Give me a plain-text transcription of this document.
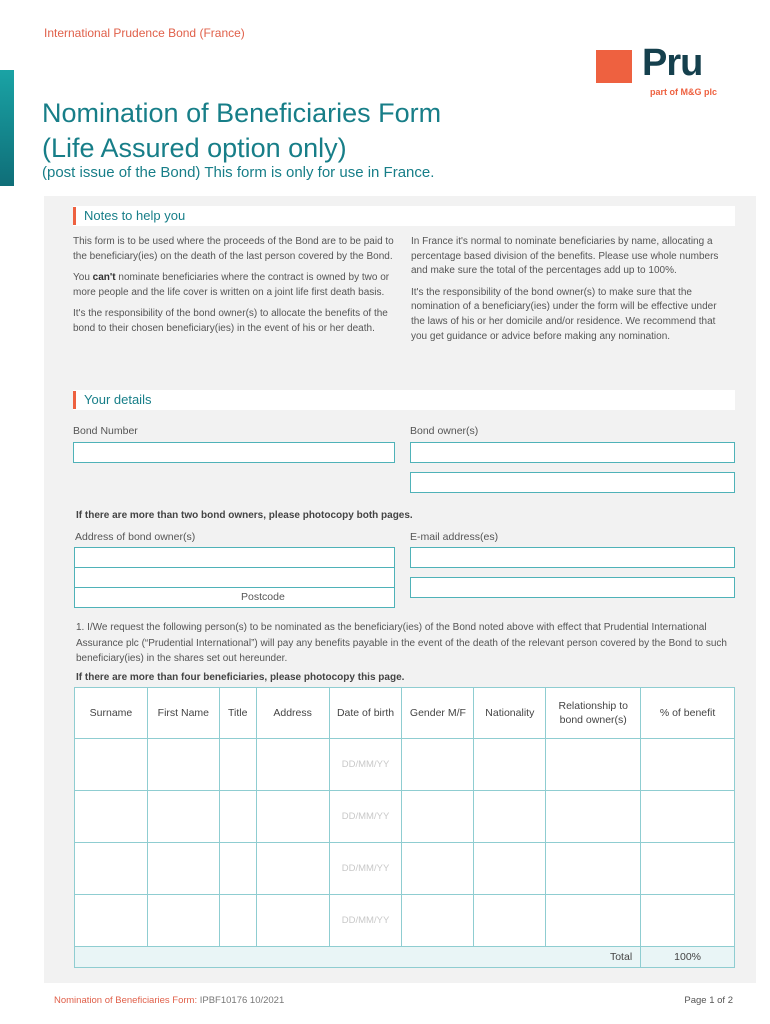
International Prudence Bond (France)
Pru
part of M&G plc
Nomination of Beneficiaries Form
(Life Assured option only)
(post issue of the Bond) This form is only for use in France.
Notes to help you

This form is to be used where the proceeds of the Bond are to be paid to the beneficiary(ies) on the death of the last person covered by the Bond.

You can't nominate beneficiaries where the contract is owned by two or more people and the life cover is written on a joint life first death basis.

It's the responsibility of the bond owner(s) to allocate the benefits of the bond to their chosen beneficiary(ies) in the event of his or her death.

In France it's normal to nominate beneficiaries by name, allocating a percentage based division of the benefits. Please use whole numbers and make sure the total of the percentages add up to 100%.

It's the responsibility of the bond owner(s) to make sure that the nomination of a beneficiary(ies) under the form will be effective under the laws of his or her domicile and/or residence. We recommend that you get guidance or advice before making any nomination.

Your details
Bond Number	Bond owner(s)
If there are more than two bond owners, please photocopy both pages.
Address of bond owner(s)	E-mail address(es)
Postcode
1. I/We request the following person(s) to be nominated as the beneficiary(ies) of the Bond noted above with effect that Prudential International Assurance plc (“Prudential International”) will pay any benefits payable in the event of the death of the relevant person covered by the Bond to such beneficiary(ies) in the shares set out hereunder.
If there are more than four beneficiaries, please photocopy this page.
Surname	First Name	Title	Address	Date of birth	Gender M/F	Nationality	Relationship to bond owner(s)	% of benefit
				DD/MM/YY				
				DD/MM/YY				
				DD/MM/YY				
				DD/MM/YY				
Total								100%
Nomination of Beneficiaries Form: IPBF10176 10/2021	Page 1 of 2
